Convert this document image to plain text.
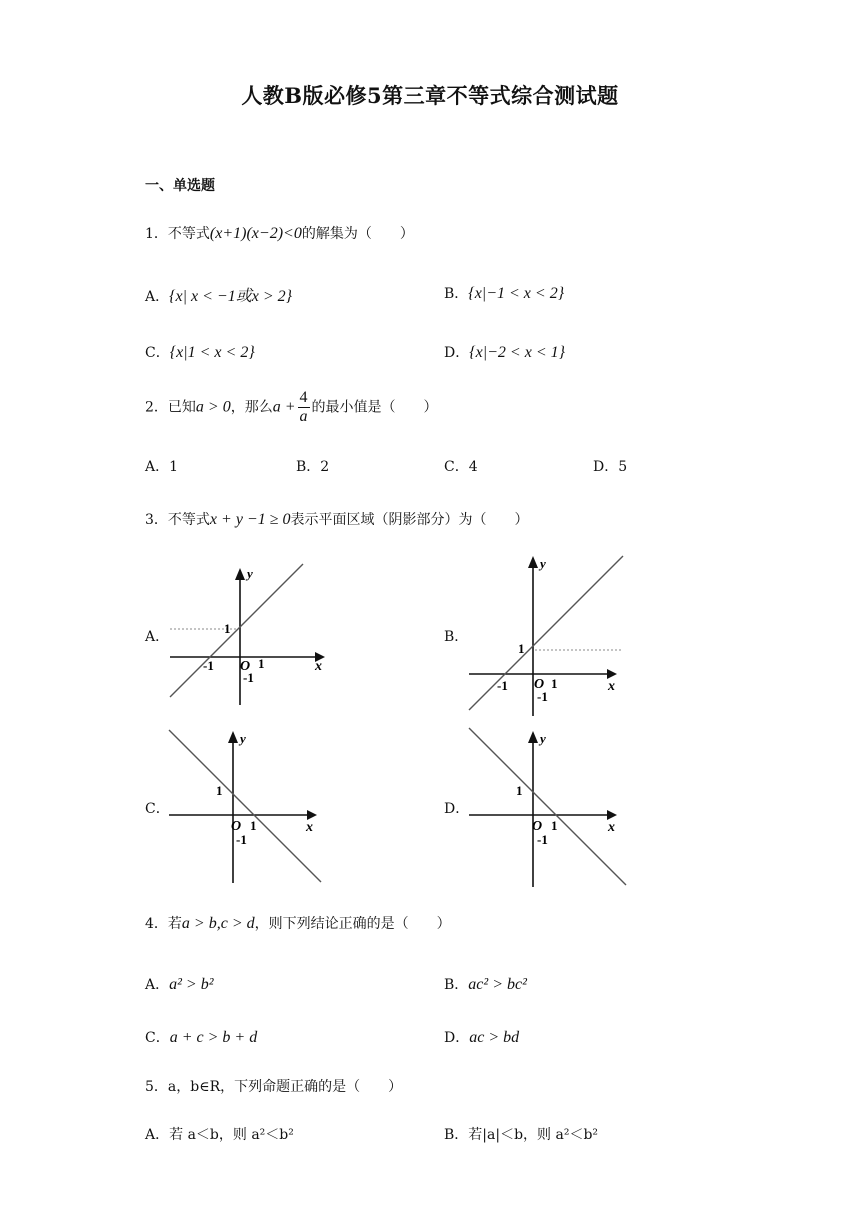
人教B版必修5第三章不等式综合测试题
一、单选题
1．不等式(x+1)(x−2)<0的解集为（　　）
A．{x| x < −1或x > 2}	B．{x|−1 < x < 2}
C．{x|1 < x < 2}	D．{x|−2 < x < 1}
2．已知a > 0，那么$a + \frac{4}{a}$ 的最小值是（　　）
A．1	B．2	C．4	D．5
3．不等式x + y −1 ≥ 0表示平面区域（阴影部分）为（　　）
A．	B．
C．	D．
y
1
-1 O 1
-1
x
y
1
-1 O 1
-1
x
y
1
O 1
-1
x
y
1
O 1
-1
x
4．若a > b,c > d，则下列结论正确的是（　　）
A．a² > b²	B．ac² > bc²
C．a + c > b + d	D．ac > bd
5．a，b∈R，下列命题正确的是（　　）
A．若 a＜b，则 a²＜b²	B．若|a|＜b，则 a²＜b²
